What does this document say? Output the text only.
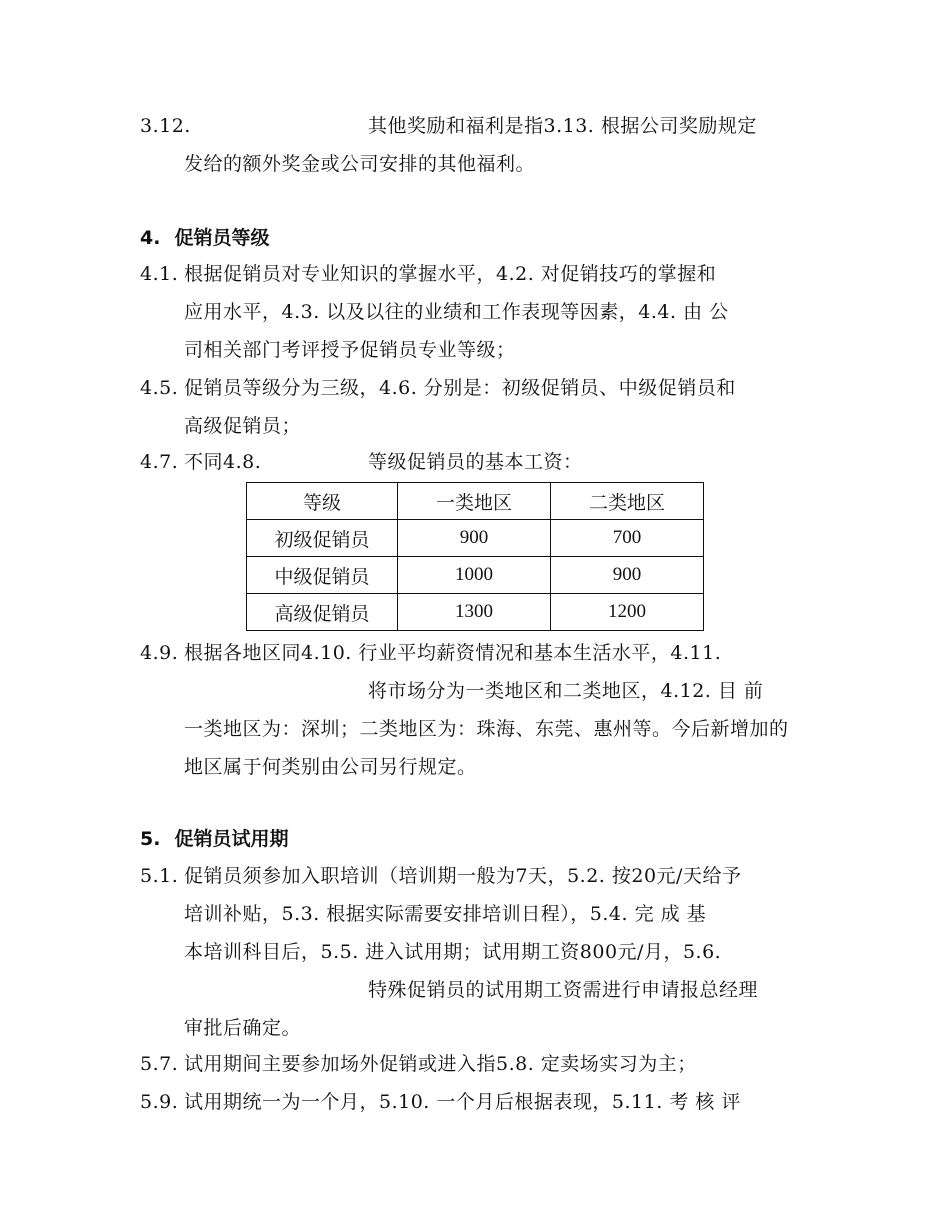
3.12.	其他奖励和福利是指3.13. 根据公司奖励规定
发给的额外奖金或公司安排的其他福利。
4. 促销员等级
4.1. 根据促销员对专业知识的掌握水平，4.2. 对促销技巧的掌握和
应用水平，4.3. 以及以往的业绩和工作表现等因素，4.4. 由 公
司相关部门考评授予促销员专业等级；
4.5. 促销员等级分为三级，4.6. 分别是：初级促销员、中级促销员和
高级促销员；
4.7. 不同4.8.	等级促销员的基本工资：
等级	一类地区	二类地区
初级促销员	900	700
中级促销员	1000	900
高级促销员	1300	1200
4.9. 根据各地区同4.10. 行业平均薪资情况和基本生活水平，4.11.
将市场分为一类地区和二类地区，4.12. 目 前
一类地区为：深圳；二类地区为：珠海、东莞、惠州等。今后新增加的
地区属于何类别由公司另行规定。
5. 促销员试用期
5.1. 促销员须参加入职培训（培训期一般为7天，5.2. 按20元/天给予
培训补贴，5.3. 根据实际需要安排培训日程），5.4. 完 成 基
本培训科目后，5.5. 进入试用期；试用期工资800元/月，5.6.
特殊促销员的试用期工资需进行申请报总经理
审批后确定。
5.7. 试用期间主要参加场外促销或进入指5.8. 定卖场实习为主；
5.9. 试用期统一为一个月，5.10. 一个月后根据表现，5.11. 考 核 评
